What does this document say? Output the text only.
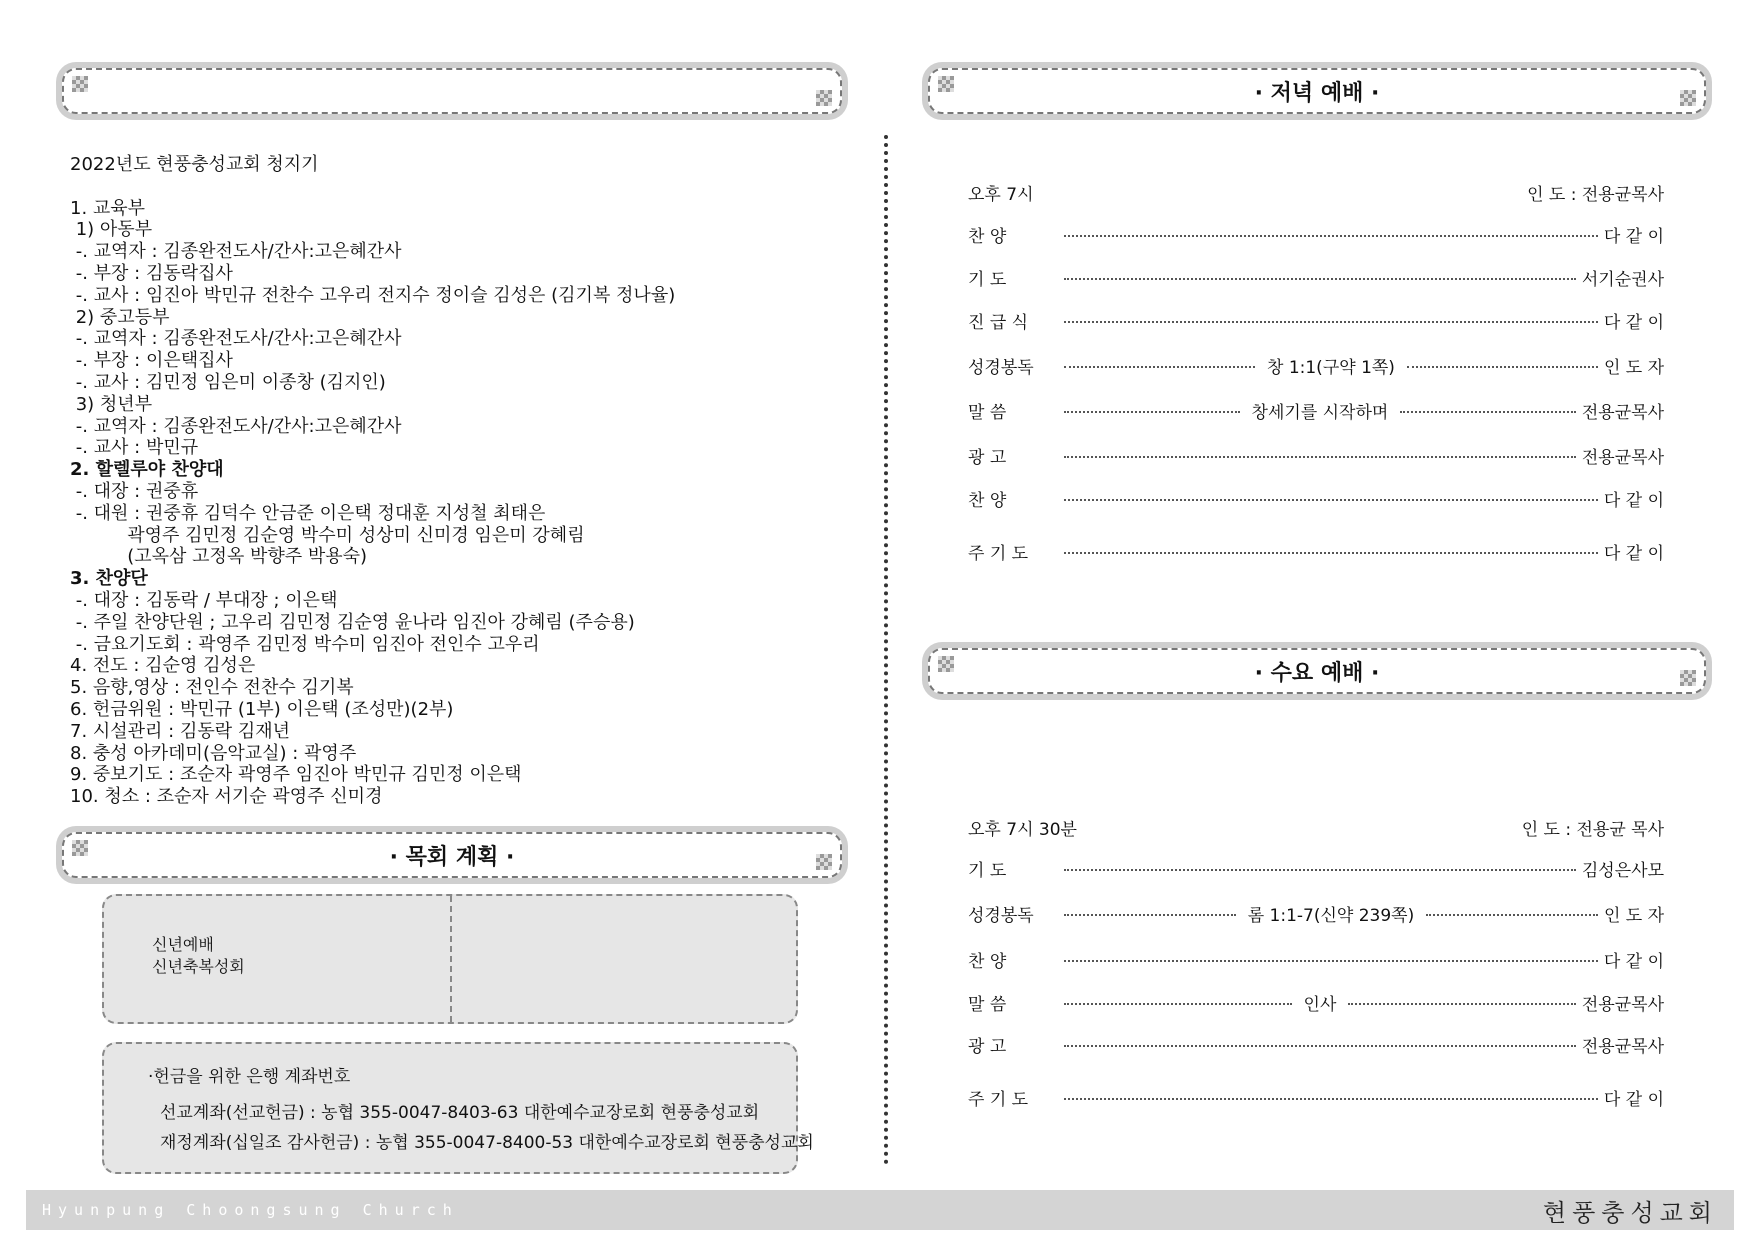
2022년도 현풍충성교회 청지기
1. 교육부
1) 아동부
-. 교역자 : 김종완전도사/간사:고은혜간사
-. 부장 : 김동락집사
-. 교사 : 임진아 박민규 전찬수 고우리 전지수 정이슬 김성은 (김기복 정나율)
2) 중고등부
-. 교역자 : 김종완전도사/간사:고은혜간사
-. 부장 : 이은택집사
-. 교사 : 김민정 임은미 이종창 (김지인)
3) 청년부
-. 교역자 : 김종완전도사/간사:고은혜간사
-. 교사 : 박민규
2. 할렐루야 찬양대
-. 대장 : 권중휴
-. 대원 : 권중휴 김덕수 안금준 이은택 정대훈 지성철 최태은
곽영주 김민정 김순영 박수미 성상미 신미경 임은미 강혜림
(고옥삼 고정옥 박향주 박용숙)
3. 찬양단
-. 대장 : 김동락 / 부대장 ; 이은택
-. 주일 찬양단원 ; 고우리 김민정 김순영 윤나라 임진아 강혜림 (주승용)
-. 금요기도회 : 곽영주 김민정 박수미 임진아 전인수 고우리
4. 전도 : 김순영 김성은
5. 음향,영상 : 전인수 전찬수 김기복
6. 헌금위원 : 박민규 (1부) 이은택 (조성만)(2부)
7. 시설관리 : 김동락 김재년
8. 충성 아카데미(음악교실) : 곽영주
9. 중보기도 : 조순자 곽영주 임진아 박민규 김민정 이은택
10. 청소 : 조순자 서기순 곽영주 신미경
· 목회 계획 ·
신년예배
신년축복성회
·헌금을 위한 은행 계좌번호
선교계좌(선교헌금) : 농협 355-0047-8403-63 대한예수교장로회 현풍충성교회
재정계좌(십일조 감사헌금) : 농협 355-0047-8400-53 대한예수교장로회 현풍충성교회
· 저녁 예배 ·
오후 7시	인 도 : 전용균목사
찬 양	다 같 이
기 도	서기순권사
진 급 식	다 같 이
성경봉독	창 1:1(구약 1쪽)	인 도 자
말 씀	창세기를 시작하며	전용균목사
광 고	전용균목사
찬 양	다 같 이
주 기 도	다 같 이
· 수요 예배 ·
오후 7시 30분	인 도 : 전용균 목사
기 도	김성은사모
성경봉독	롬 1:1-7(신약 239쪽)	인 도 자
찬 양	다 같 이
말 씀	인사	전용균목사
광 고	전용균목사
주 기 도	다 같 이
Hyunpung Choongsung Church	현풍충성교회
